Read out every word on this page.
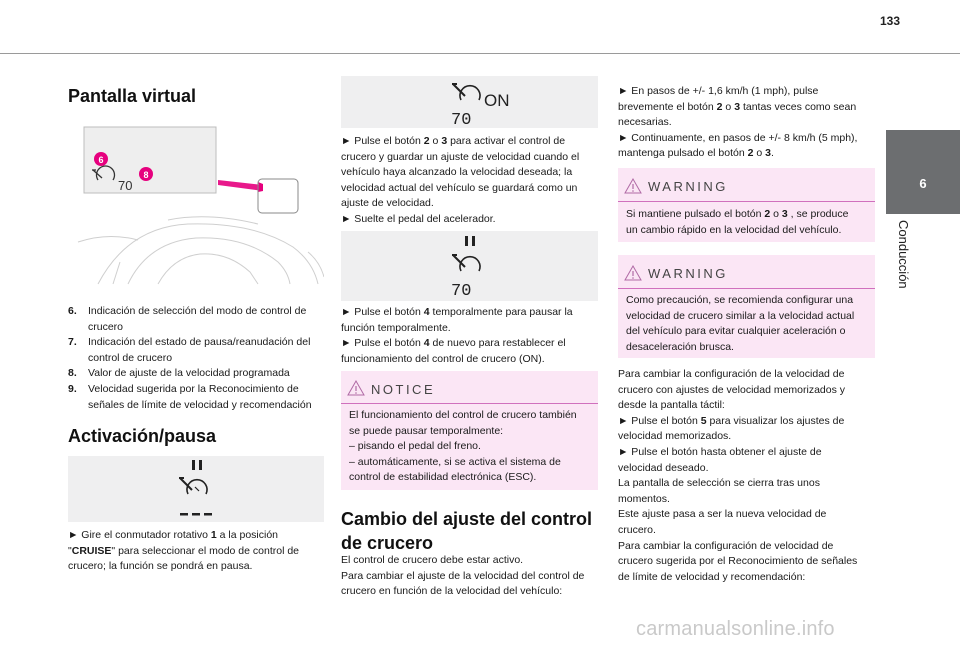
133
6
Conducción
Pantalla virtual
70
6
8
6. Indicación de selección del modo de control de crucero
7. Indicación del estado de pausa/reanudación del control de crucero
8. Valor de ajuste de la velocidad programada
9. Velocidad sugerida por la Reconocimiento de señales de límite de velocidad y recomendación
Activación/pausa
► Gire el conmutador rotativo 1 a la posición
"CRUISE" para seleccionar el modo de control de
crucero; la función se pondrá en pausa.
ON
70
► Pulse el botón 2 o 3 para activar el control de
crucero y guardar un ajuste de velocidad cuando el
vehículo haya alcanzado la velocidad deseada; la
velocidad actual del vehículo se guardará como un
ajuste de velocidad.
► Suelte el pedal del acelerador.
70
► Pulse el botón 4 temporalmente para pausar la
función temporalmente.
► Pulse el botón 4 de nuevo para restablecer el
funcionamiento del control de crucero (ON).
NOTICE
El funcionamiento del control de crucero también
se puede pausar temporalmente:
– pisando el pedal del freno.
– automáticamente, si se activa el sistema de
control de estabilidad electrónica (ESC).
Cambio del ajuste del control
de crucero
El control de crucero debe estar activo.
Para cambiar el ajuste de la velocidad del control de
crucero en función de la velocidad del vehículo:
► En pasos de +/- 1,6 km/h (1 mph), pulse
brevemente el botón 2 o 3 tantas veces como sean
necesarias.
► Continuamente, en pasos de +/- 8 km/h (5 mph),
mantenga pulsado el botón 2 o 3.
WARNING
Si mantiene pulsado el botón 2 o 3 , se produce
un cambio rápido en la velocidad del vehículo.
WARNING
Como precaución, se recomienda configurar una
velocidad de crucero similar a la velocidad actual
del vehículo para evitar cualquier aceleración o
desaceleración brusca.
Para cambiar la configuración de la velocidad de
crucero con ajustes de velocidad memorizados y
desde la pantalla táctil:
► Pulse el botón 5 para visualizar los ajustes de
velocidad memorizados.
► Pulse el botón hasta obtener el ajuste de
velocidad deseado.
La pantalla de selección se cierra tras unos
momentos.
Este ajuste pasa a ser la nueva velocidad de
crucero.
Para cambiar la configuración de velocidad de
crucero sugerida por el Reconocimiento de señales
de límite de velocidad y recomendación:
carmanualsonline.info
